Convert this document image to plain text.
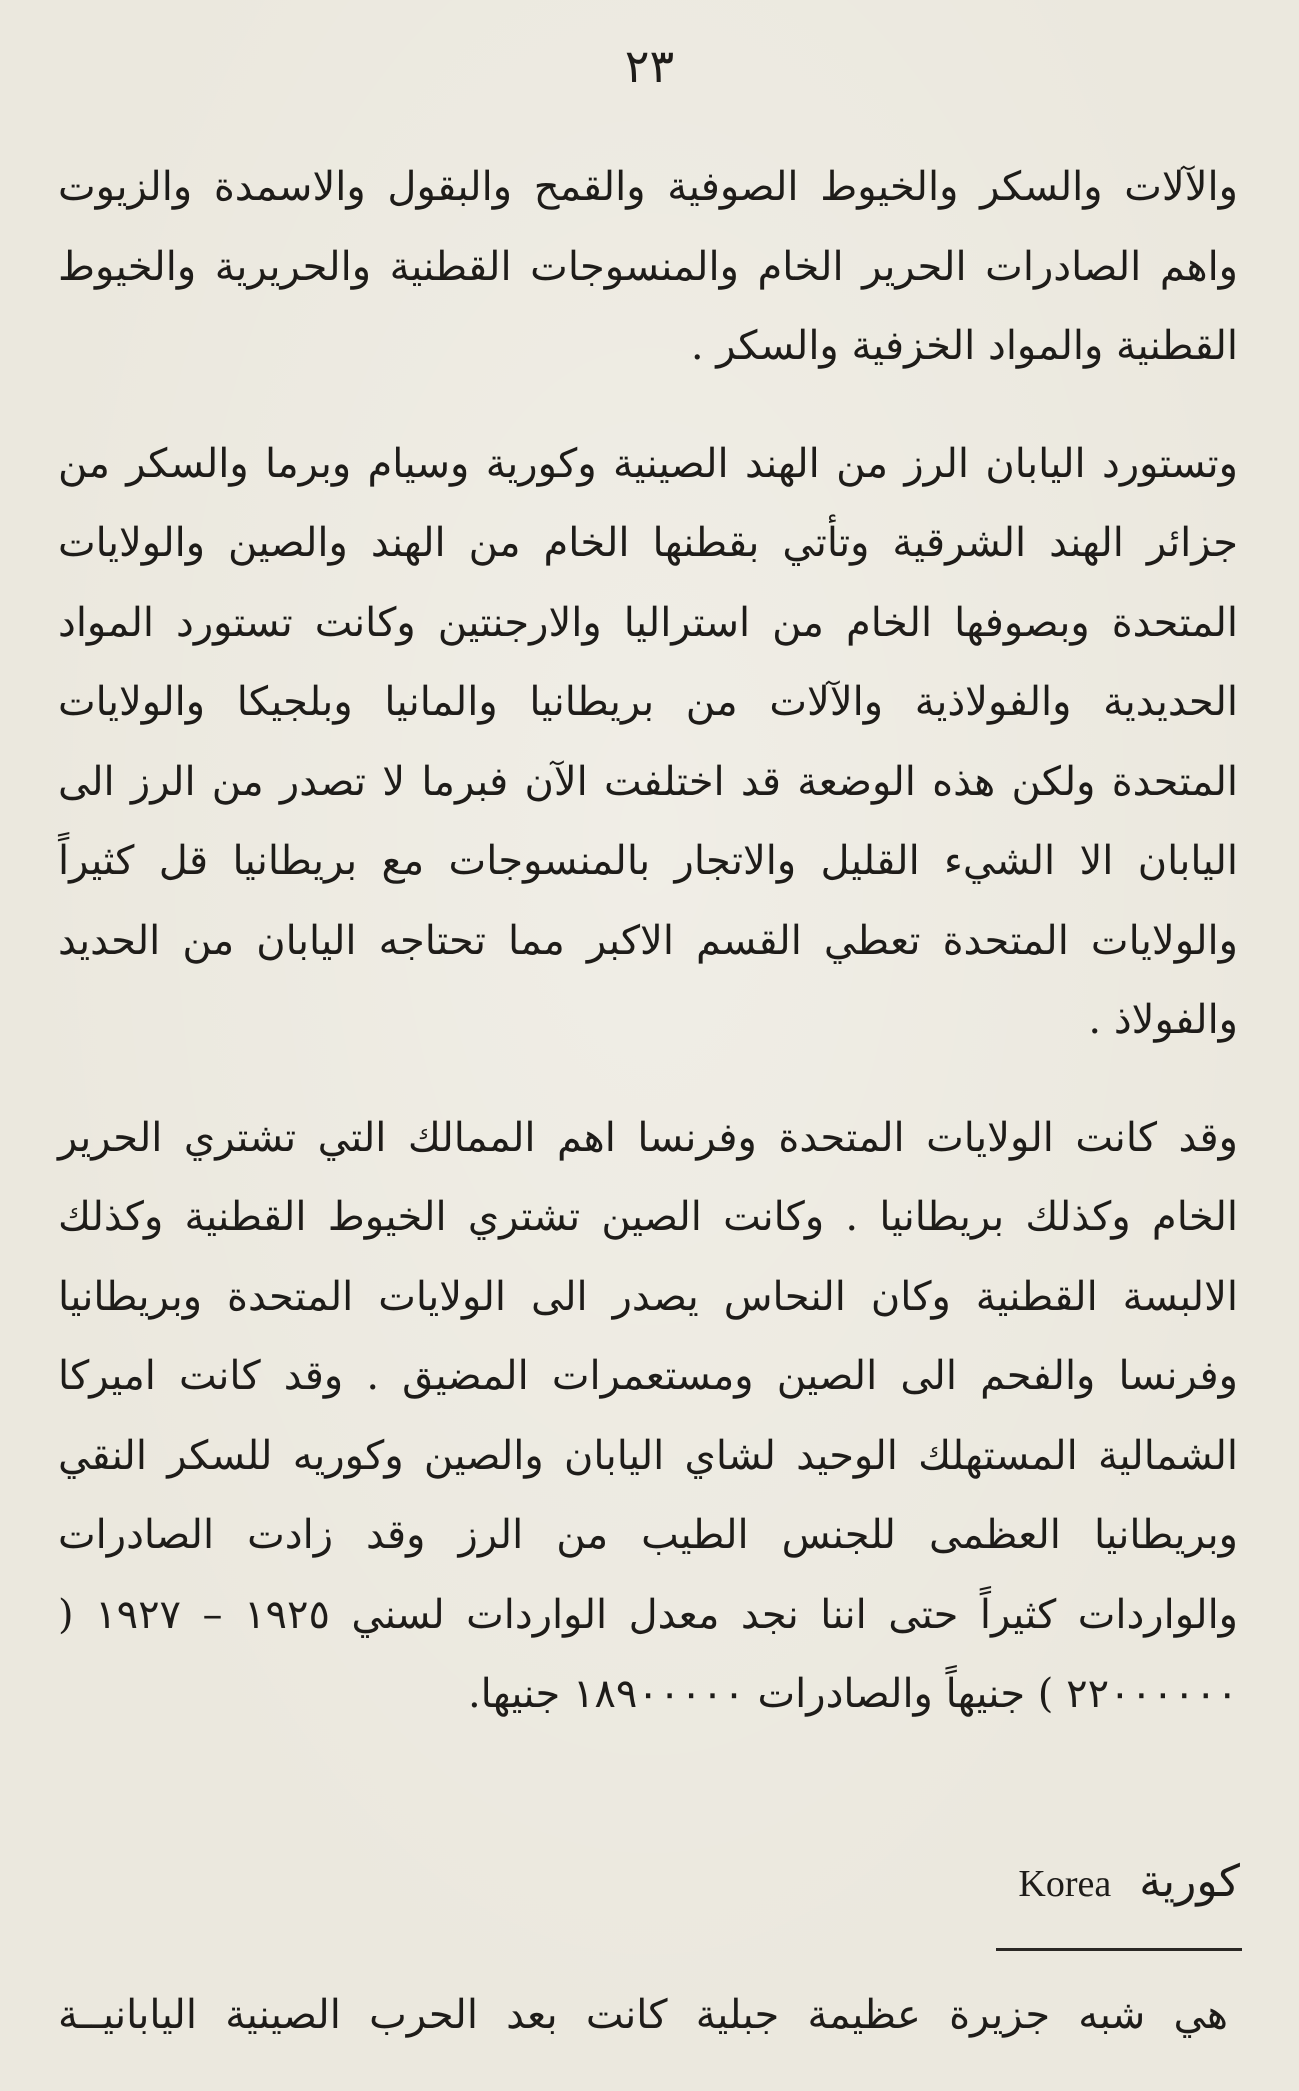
٢٣

والآلات والسكر والخيوط الصوفية والقمح والبقول والاسمدة والزيوت واهم الصادرات الحرير الخام والمنسوجات القطنية والحريرية والخيوط القطنية والمواد الخزفية والسكر .

وتستورد اليابان الرز من الهند الصينية وكورية وسيام وبرما والسكر من جزائر الهند الشرقية وتأتي بقطنها الخام من الهند والصين والولايات المتحدة وبصوفها الخام من استراليا والارجنتين وكانت تستورد المواد الحديدية والفولاذية والآلات من بريطانيا والمانيا وبلجيكا والولايات المتحدة ولكن هذه الوضعة قد اختلفت الآن فبرما لا تصدر من الرز الى اليابان الا الشيء القليل والاتجار بالمنسوجات مع بريطانيا قل كثيراً والولايات المتحدة تعطي القسم الاكبر مما تحتاجه اليابان من الحديد والفولاذ .

وقد كانت الولايات المتحدة وفرنسا اهم الممالك التي تشتري الحرير الخام وكذلك بريطانيا . وكانت الصين تشتري الخيوط القطنية وكذلك الالبسة القطنية وكان النحاس يصدر الى الولايات المتحدة وبريطانيا وفرنسا والفحم الى الصين ومستعمرات المضيق . وقد كانت اميركا الشمالية المستهلك الوحيد لشاي اليابان والصين وكوريه للسكر النقي وبريطانيا العظمى للجنس الطيب من الرز وقد زادت الصادرات والواردات كثيراً حتى اننا نجد معدل الواردات لسني ١٩٢٥ – ١٩٢٧ ( ٢٢٠٠٠٠٠٠ ) جنيهاً والصادرات ١٨٩٠٠٠٠٠ جنيها.

كورية Korea
هي شبه جزيرة عظيمة جبلية كانت بعد الحرب الصينية اليابانيــة
